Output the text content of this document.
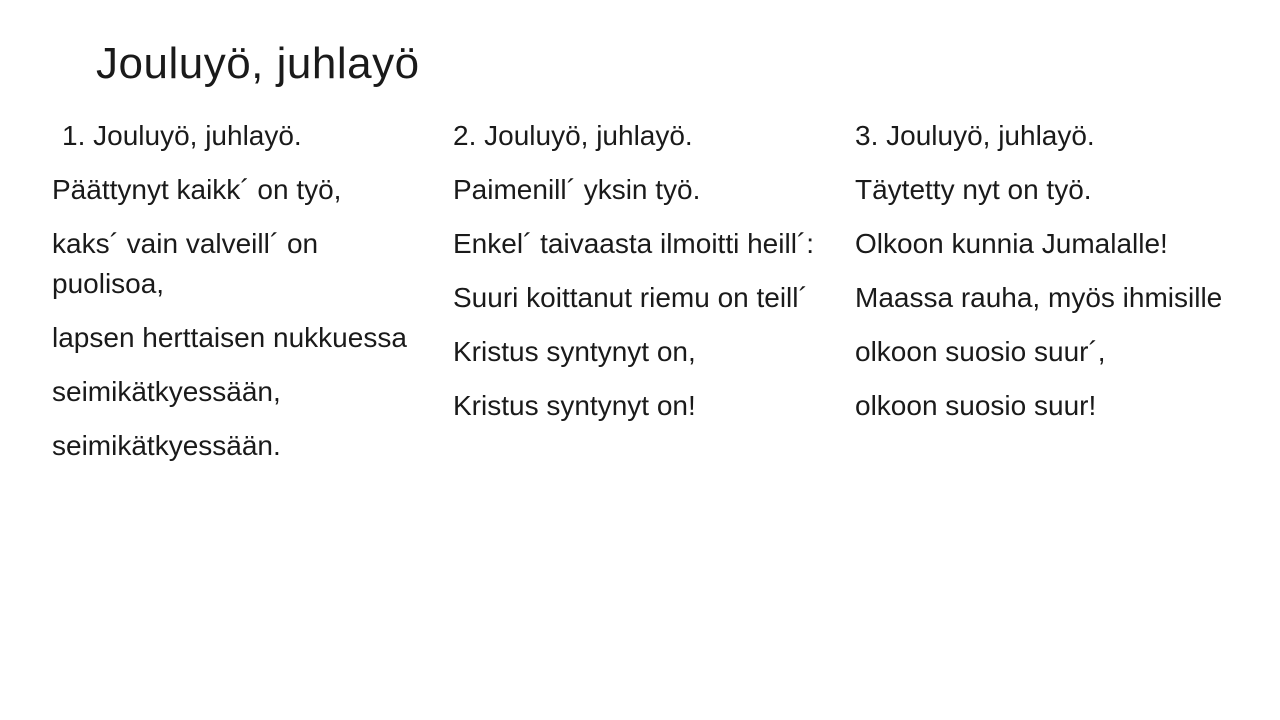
Jouluyö, juhlayö
1. Jouluyö, juhlayö.
Päättynyt kaikk´ on työ,
kaks´ vain valveill´ on puolisoa,
lapsen herttaisen nukkuessa
seimikätkyessään,
seimikätkyessään.
2. Jouluyö, juhlayö.
Paimenill´ yksin työ.
Enkel´ taivaasta ilmoitti heill´:
Suuri koittanut riemu on teill´
Kristus syntynyt on,
Kristus syntynyt on!
3. Jouluyö, juhlayö.
Täytetty nyt on työ.
Olkoon kunnia Jumalalle!
Maassa rauha, myös ihmisille
olkoon suosio suur´,
olkoon suosio suur!
